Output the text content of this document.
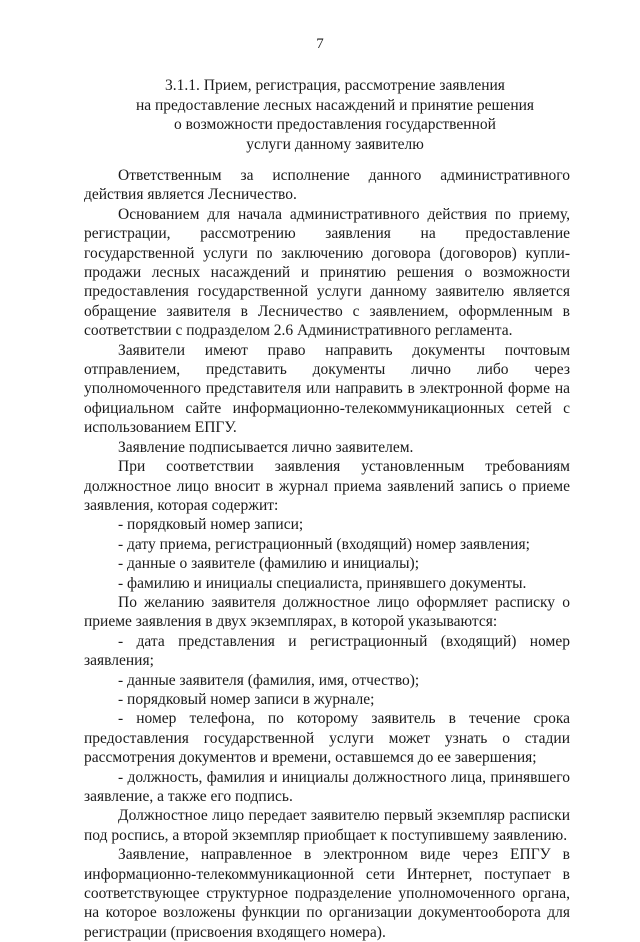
7
3.1.1. Прием, регистрация, рассмотрение заявления
на предоставление лесных насаждений и принятие решения
о возможности предоставления государственной
услуги данному заявителю

Ответственным за исполнение данного административного действия является Лесничество.

Основанием для начала административного действия по приему, регистрации, рассмотрению заявления на предоставление государственной услуги по заключению договора (договоров) купли-продажи лесных насаждений и принятию решения о возможности предоставления государственной услуги данному заявителю является обращение заявителя в Лесничество с заявлением, оформленным в соответствии с подразделом 2.6 Административного регламента.

Заявители имеют право направить документы почтовым отправлением, представить документы лично либо через уполномоченного представителя или направить в электронной форме на официальном сайте информационно-телекоммуникационных сетей с использованием ЕПГУ.

Заявление подписывается лично заявителем.

При соответствии заявления установленным требованиям должностное лицо вносит в журнал приема заявлений запись о приеме заявления, которая содержит:

- порядковый номер записи;

- дату приема, регистрационный (входящий) номер заявления;

- данные о заявителе (фамилию и инициалы);

- фамилию и инициалы специалиста, принявшего документы.

По желанию заявителя должностное лицо оформляет расписку о приеме заявления в двух экземплярах, в которой указываются:

- дата представления и регистрационный (входящий) номер заявления;

- данные заявителя (фамилия, имя, отчество);

- порядковый номер записи в журнале;

- номер телефона, по которому заявитель в течение срока предоставления государственной услуги может узнать о стадии рассмотрения документов и времени, оставшемся до ее завершения;

- должность, фамилия и инициалы должностного лица, принявшего заявление, а также его подпись.

Должностное лицо передает заявителю первый экземпляр расписки под роспись, а второй экземпляр приобщает к поступившему заявлению.

Заявление, направленное в электронном виде через ЕПГУ в информационно-телекоммуникационной сети Интернет, поступает в соответствующее структурное подразделение уполномоченного органа, на которое возложены функции по организации документооборота для регистрации (присвоения входящего номера).
